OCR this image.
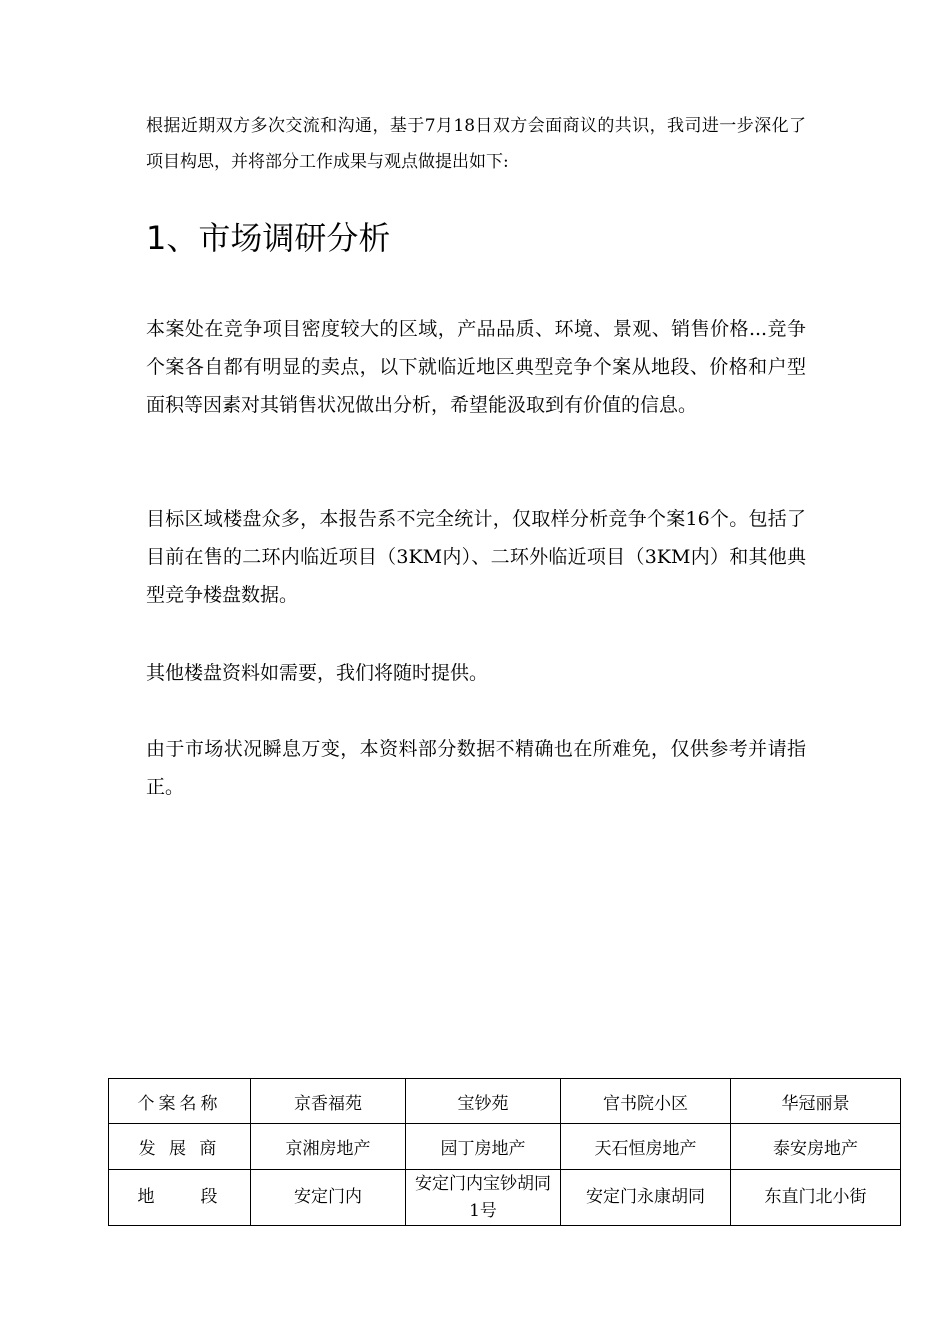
根据近期双方多次交流和沟通，基于7月18日双方会面商议的共识，我司进一步深化了项目构思，并将部分工作成果与观点做提出如下:

1、市场调研分析

本案处在竞争项目密度较大的区域，产品品质、环境、景观、销售价格...竞争个案各自都有明显的卖点，以下就临近地区典型竞争个案从地段、价格和户型面积等因素对其销售状况做出分析，希望能汲取到有价值的信息。

目标区域楼盘众多，本报告系不完全统计，仅取样分析竞争个案16个。包括了目前在售的二环内临近项目（3KM内）、二环外临近项目（3KM内）和其他典型竞争楼盘数据。

其他楼盘资料如需要，我们将随时提供。

由于市场状况瞬息万变，本资料部分数据不精确也在所难免，仅供参考并请指正。

个案名称	京香福苑	宝钞苑	官书院小区	华冠丽景
发 展 商	京湘房地产	园丁房地产	天石恒房地产	泰安房地产
地　　段	安定门内	安定门内宝钞胡同1号	安定门永康胡同	东直门北小街
